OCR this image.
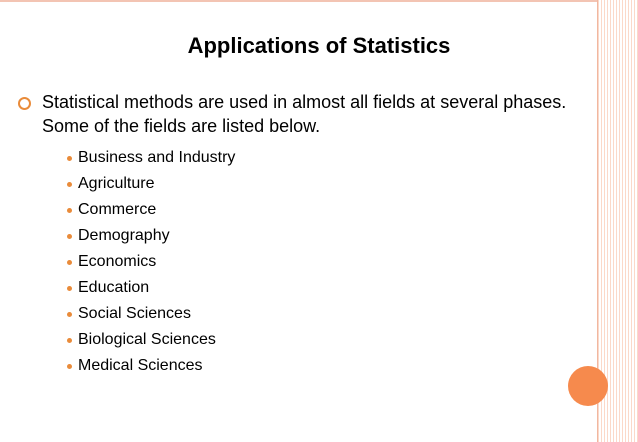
Applications of Statistics
Statistical methods are used in almost all fields at several phases. Some of the fields are listed below.
Business and Industry
Agriculture
Commerce
Demography
Economics
Education
Social Sciences
Biological Sciences
Medical Sciences
